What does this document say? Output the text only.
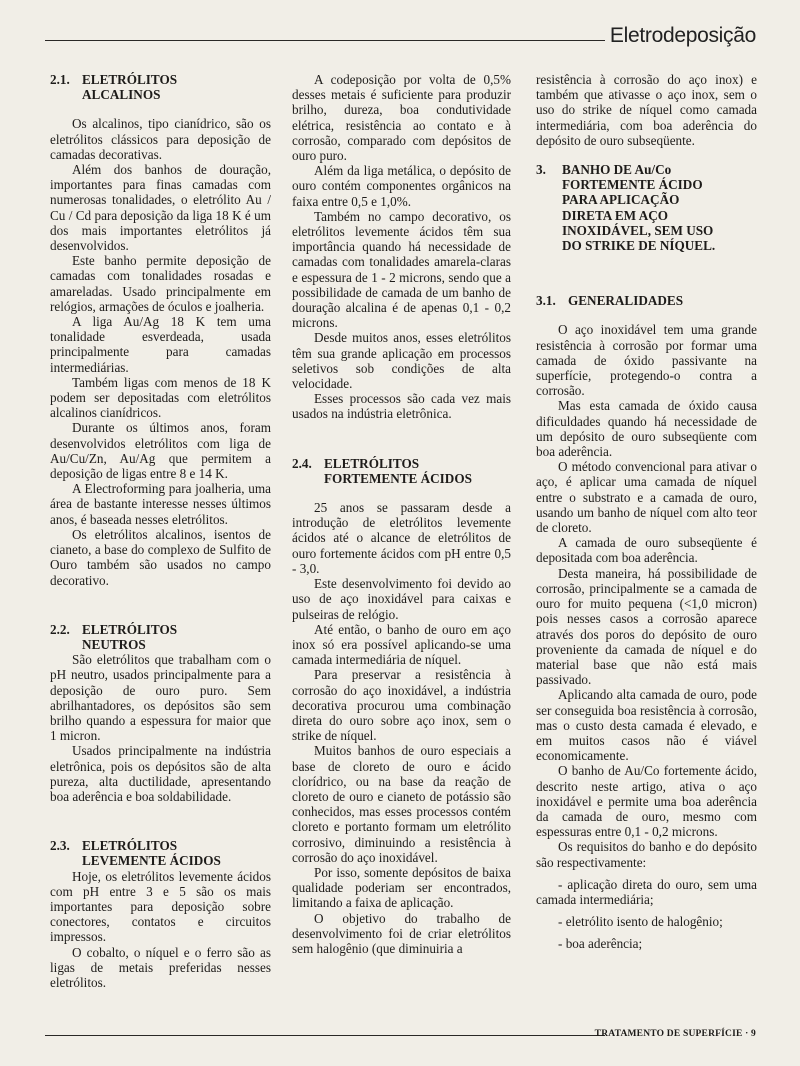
Eletrodeposição
2.1. ELETRÓLITOS
ALCALINOS

Os alcalinos, tipo cianídrico, são os eletrólitos clássicos para deposição de camadas decorativas.

Além dos banhos de douração, importantes para finas camadas com numerosas tonalidades, o eletrólito Au / Cu / Cd para deposição da liga 18 K é um dos mais importantes eletrólitos já desenvolvidos.

Este banho permite deposição de camadas com tonalidades rosadas e amareladas. Usado principalmente em relógios, armações de óculos e joalheria.

A liga Au/Ag 18 K tem uma tonalidade esverdeada, usada principalmente para camadas intermediárias.

Também ligas com menos de 18 K podem ser depositadas com eletrólitos alcalinos cianídricos.

Durante os últimos anos, foram desenvolvidos eletrólitos com liga de Au/Cu/Zn, Au/Ag que permitem a deposição de ligas entre 8 e 14 K.

A Electroforming para joalheria, uma área de bastante interesse nesses últimos anos, é baseada nesses eletrólitos.

Os eletrólitos alcalinos, isentos de cianeto, a base do complexo de Sulfito de Ouro também são usados no campo decorativo.

2.2. ELETRÓLITOS
NEUTROS

São eletrólitos que trabalham com o pH neutro, usados principalmente para a deposição de ouro puro. Sem abrilhantadores, os depósitos são sem brilho quando a espessura for maior que 1 micron.

Usados principalmente na indústria eletrônica, pois os depósitos são de alta pureza, alta ductilidade, apresentando boa aderência e boa soldabilidade.

2.3. ELETRÓLITOS
LEVEMENTE ÁCIDOS

Hoje, os eletrólitos levemente ácidos com pH entre 3 e 5 são os mais importantes para deposição sobre conectores, contatos e circuitos impressos.

O cobalto, o níquel e o ferro são as ligas de metais preferidas nesses eletrólitos.

A codeposição por volta de 0,5% desses metais é suficiente para produzir brilho, dureza, boa condutividade elétrica, resistência ao contato e à corrosão, comparado com depósitos de ouro puro.

Além da liga metálica, o depósito de ouro contém componentes orgânicos na faixa entre 0,5 e 1,0%.

Também no campo decorativo, os eletrólitos levemente ácidos têm sua importância quando há necessidade de camadas com tonalidades amarela-claras e espessura de 1 - 2 microns, sendo que a possibilidade de camada de um banho de douração alcalina é de apenas 0,1 - 0,2 microns.

Desde muitos anos, esses eletrólitos têm sua grande aplicação em processos seletivos sob condições de alta velocidade.

Esses processos são cada vez mais usados na indústria eletrônica.

2.4. ELETRÓLITOS
FORTEMENTE ÁCIDOS

25 anos se passaram desde a introdução de eletrólitos levemente ácidos até o alcance de eletrólitos de ouro fortemente ácidos com pH entre 0,5 - 3,0.

Este desenvolvimento foi devido ao uso de aço inoxidável para caixas e pulseiras de relógio.

Até então, o banho de ouro em aço inox só era possível aplicando-se uma camada intermediária de níquel.

Para preservar a resistência à corrosão do aço inoxidável, a indústria decorativa procurou uma combinação direta do ouro sobre aço inox, sem o strike de níquel.

Muitos banhos de ouro especiais a base de cloreto de ouro e ácido clorídrico, ou na base da reação de cloreto de ouro e cianeto de potássio são conhecidos, mas esses processos contém cloreto e portanto formam um eletrólito corrosivo, diminuindo a resistência à corrosão do aço inoxidável.

Por isso, somente depósitos de baixa qualidade poderiam ser encontrados, limitando a faixa de aplicação.

O objetivo do trabalho de desenvolvimento foi de criar eletrólitos sem halogênio (que diminuiria a

resistência à corrosão do aço inox) e também que ativasse o aço inox, sem o uso do strike de níquel como camada intermediária, com boa aderência do depósito de ouro subseqüente.

3. BANHO DE Au/Co
FORTEMENTE ÁCIDO
PARA APLICAÇÃO
DIRETA EM AÇO
INOXIDÁVEL, SEM USO
DO STRIKE DE NÍQUEL.
3.1. GENERALIDADES

O aço inoxidável tem uma grande resistência à corrosão por formar uma camada de óxido passivante na superfície, protegendo-o contra a corrosão.

Mas esta camada de óxido causa dificuldades quando há necessidade de um depósito de ouro subseqüente com boa aderência.

O método convencional para ativar o aço, é aplicar uma camada de níquel entre o substrato e a camada de ouro, usando um banho de níquel com alto teor de cloreto.

A camada de ouro subseqüente é depositada com boa aderência.

Desta maneira, há possibilidade de corrosão, principalmente se a camada de ouro for muito pequena (<1,0 micron) pois nesses casos a corrosão aparece através dos poros do depósito de ouro proveniente da camada de níquel e do material base que não está mais passivado.

Aplicando alta camada de ouro, pode ser conseguida boa resistência à corrosão, mas o custo desta camada é elevado, e em muitos casos não é viável economicamente.

O banho de Au/Co fortemente ácido, descrito neste artigo, ativa o aço inoxidável e permite uma boa aderência da camada de ouro, mesmo com espessuras entre 0,1 - 0,2 microns.

Os requisitos do banho e do depósito são respectivamente:

- aplicação direta do ouro, sem uma camada intermediária;

- eletrólito isento de halogênio;

- boa aderência;

TRATAMENTO DE SUPERFÍCIE · 9
